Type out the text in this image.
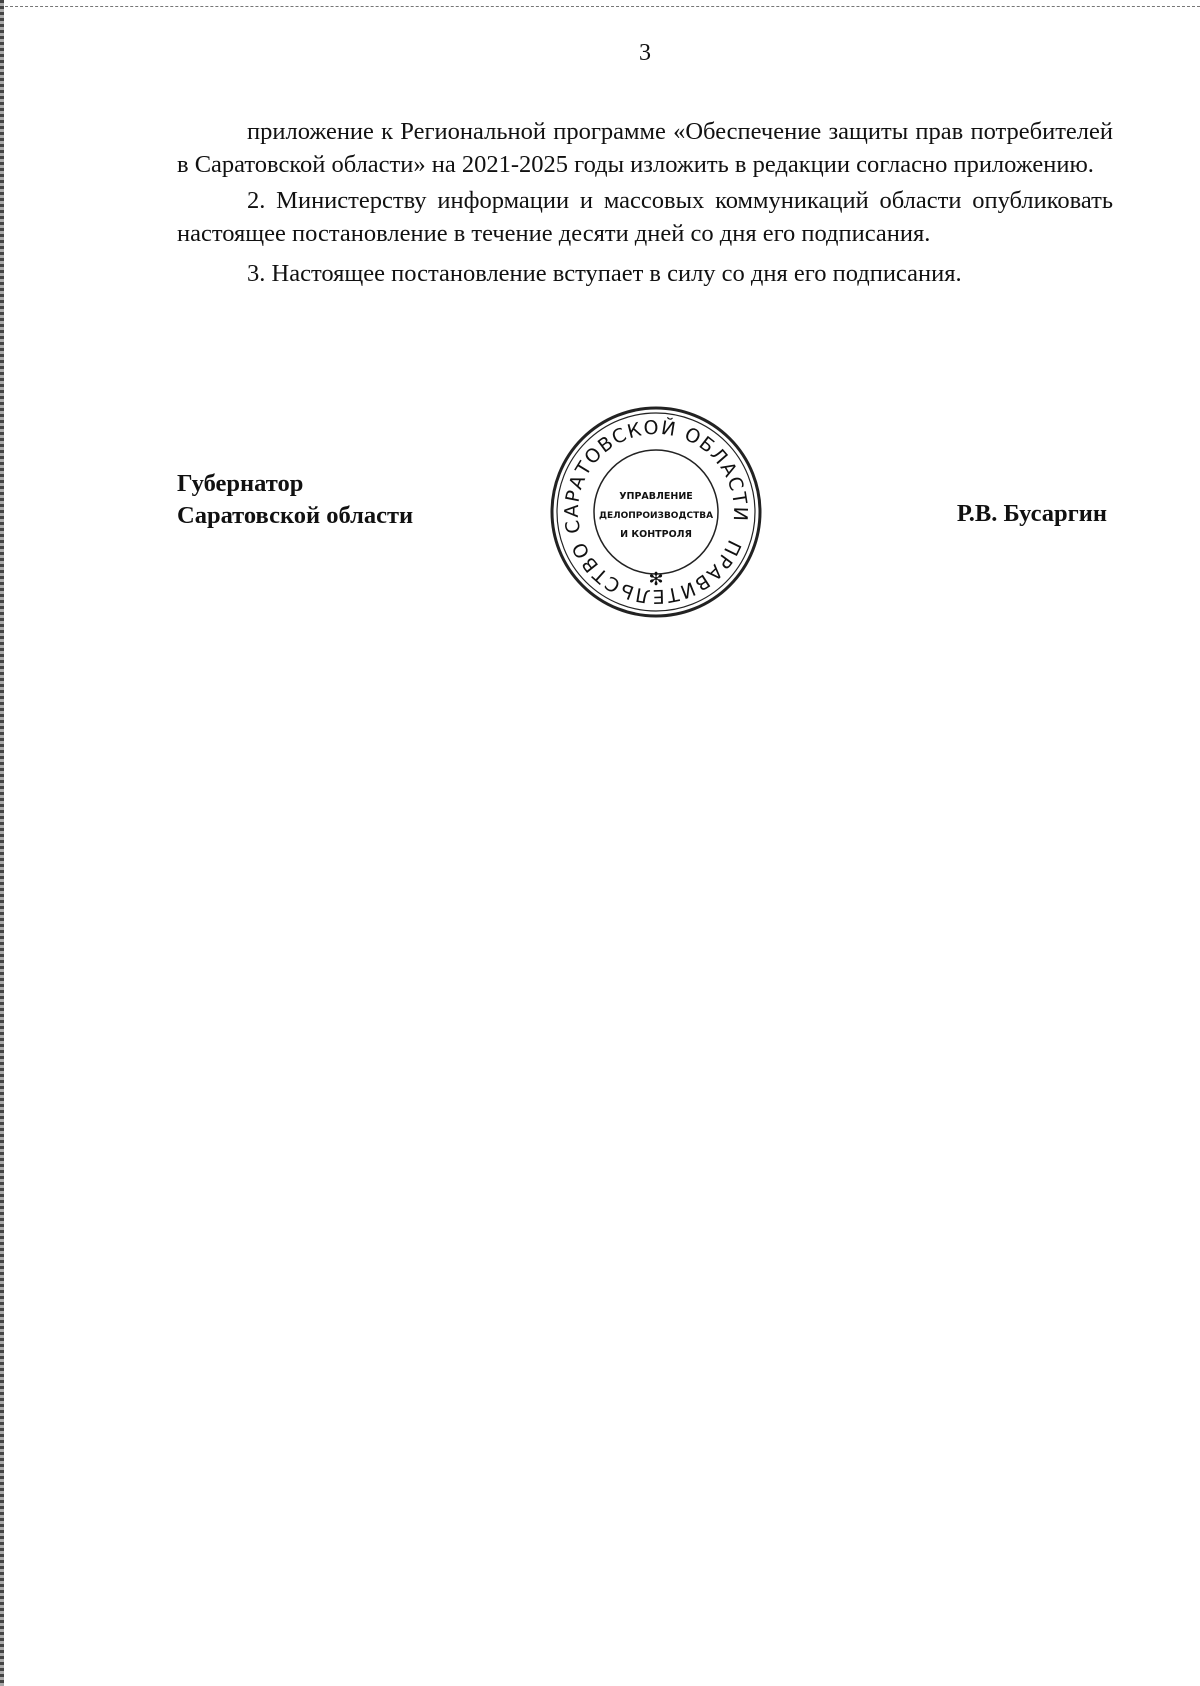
3

приложение к Региональной программе «Обеспечение защиты прав потребителей в Саратовской области» на 2021-2025 годы изложить в редакции согласно приложению.

2. Министерству информации и массовых коммуникаций области опубликовать настоящее постановление в течение десяти дней со дня его подписания.

3. Настоящее постановление вступает в силу со дня его подписания.

Губернатор
Саратовской области	Р.В. Бусаргин
ПРАВИТЕЛЬСТВО САРАТОВСКОЙ ОБЛАСТИ
✻
УПРАВЛЕНИЕ
ДЕЛОПРОИЗВОДСТВА
И КОНТРОЛЯ
